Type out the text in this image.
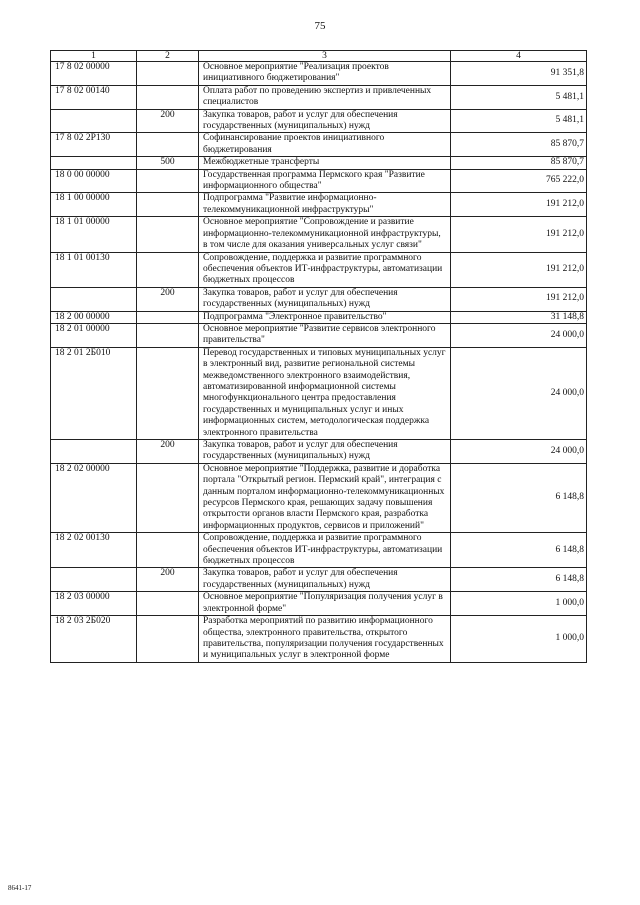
75
1	2	3	4
17 8 02 00000		Основное мероприятие "Реализация проектов инициативного бюджетирования"	91 351,8
17 8 02 00140		Оплата работ по проведению экспертиз и привлеченных специалистов	5 481,1
	200	Закупка товаров, работ и услуг для обеспечения государственных (муниципальных) нужд	5 481,1
17 8 02 2Р130		Софинансирование проектов инициативного бюджетирования	85 870,7
	500	Межбюджетные трансферты	85 870,7
18 0 00 00000		Государственная программа Пермского края "Развитие информационного общества"	765 222,0
18 1 00 00000		Подпрограмма "Развитие информационно-телекоммуникационной инфраструктуры"	191 212,0
18 1 01 00000		Основное мероприятие "Сопровождение и развитие информационно-телекоммуникационной инфраструктуры, в том числе для оказания универсальных услуг связи"	191 212,0
18 1 01 00130		Сопровождение, поддержка и развитие программного обеспечения объектов ИТ-инфраструктуры, автоматизации бюджетных процессов	191 212,0
	200	Закупка товаров, работ и услуг для обеспечения государственных (муниципальных) нужд	191 212,0
18 2 00 00000		Подпрограмма "Электронное правительство"	31 148,8
18 2 01 00000		Основное мероприятие "Развитие сервисов электронного правительства"	24 000,0
18 2 01 2Б010		Перевод государственных и типовых муниципальных услуг в электронный вид, развитие региональной системы межведомственного электронного взаимодействия, автоматизированной информационной системы многофункционального центра предоставления государственных и муниципальных услуг и иных информационных систем, методологическая поддержка электронного правительства	24 000,0
	200	Закупка товаров, работ и услуг для обеспечения государственных (муниципальных) нужд	24 000,0
18 2 02 00000		Основное мероприятие "Поддержка, развитие и доработка портала "Открытый регион. Пермский край", интеграция с данным порталом информационно-телекоммуникационных ресурсов Пермского края, решающих задачу повышения открытости органов власти Пермского края, разработка информационных продуктов, сервисов и приложений"	6 148,8
18 2 02 00130		Сопровождение, поддержка и развитие программного обеспечения объектов ИТ-инфраструктуры, автоматизации бюджетных процессов	6 148,8
	200	Закупка товаров, работ и услуг для обеспечения государственных (муниципальных) нужд	6 148,8
18 2 03 00000		Основное мероприятие "Популяризация получения услуг в электронной форме"	1 000,0
18 2 03 2Б020		Разработка мероприятий по развитию информационного общества, электронного правительства, открытого правительства, популяризации получения государственных и муниципальных услуг в электронной форме	1 000,0
8641-17
